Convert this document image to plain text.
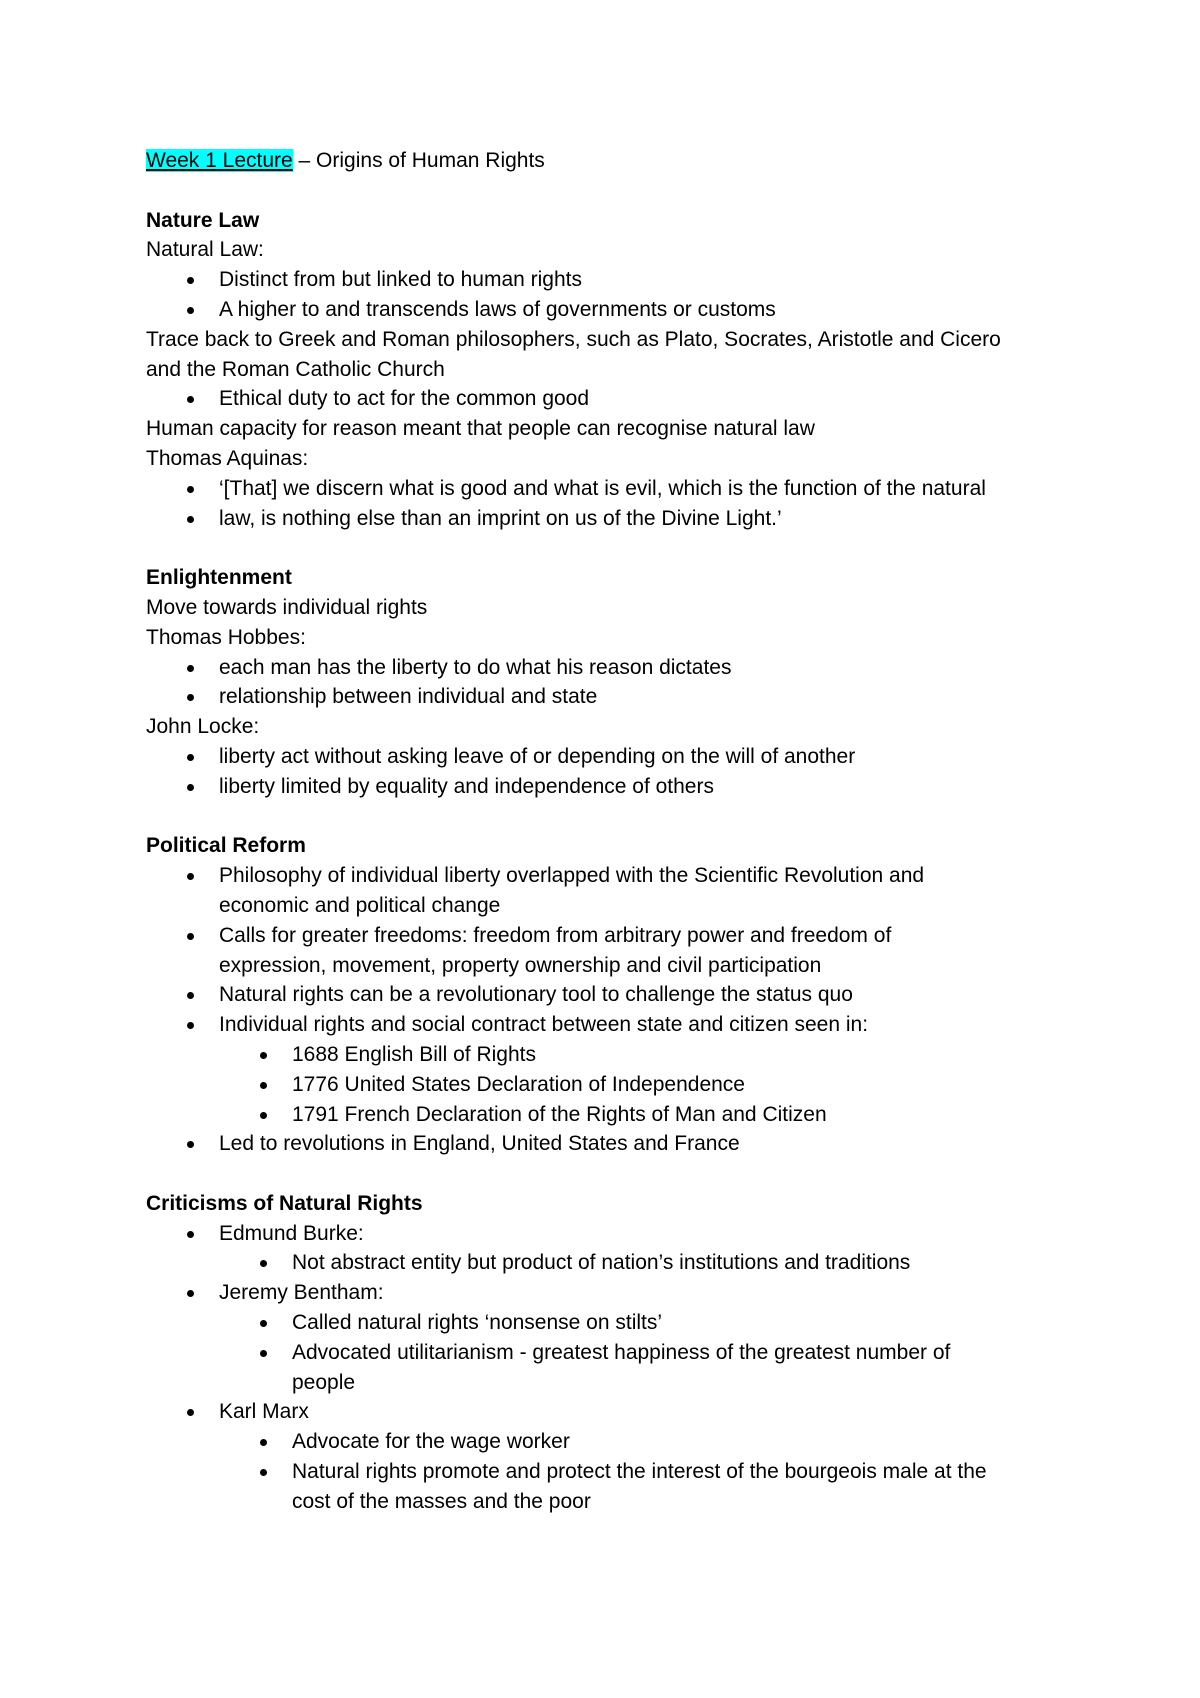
Week 1 Lecture – Origins of Human Rights
Nature Law
Natural Law:
Distinct from but linked to human rights
A higher to and transcends laws of governments or customs
Trace back to Greek and Roman philosophers, such as Plato, Socrates, Aristotle and Cicero
and the Roman Catholic Church
Ethical duty to act for the common good
Human capacity for reason meant that people can recognise natural law
Thomas Aquinas:
‘[That] we discern what is good and what is evil, which is the function of the natural
law, is nothing else than an imprint on us of the Divine Light.’
Enlightenment
Move towards individual rights
Thomas Hobbes:
each man has the liberty to do what his reason dictates
relationship between individual and state
John Locke:
liberty act without asking leave of or depending on the will of another
liberty limited by equality and independence of others
Political Reform
Philosophy of individual liberty overlapped with the Scientific Revolution and
economic and political change
Calls for greater freedoms: freedom from arbitrary power and freedom of
expression, movement, property ownership and civil participation
Natural rights can be a revolutionary tool to challenge the status quo
Individual rights and social contract between state and citizen seen in:
1688 English Bill of Rights
1776 United States Declaration of Independence
1791 French Declaration of the Rights of Man and Citizen
Led to revolutions in England, United States and France
Criticisms of Natural Rights
Edmund Burke:
Not abstract entity but product of nation’s institutions and traditions
Jeremy Bentham:
Called natural rights ‘nonsense on stilts’
Advocated utilitarianism - greatest happiness of the greatest number of
people
Karl Marx
Advocate for the wage worker
Natural rights promote and protect the interest of the bourgeois male at the
cost of the masses and the poor
